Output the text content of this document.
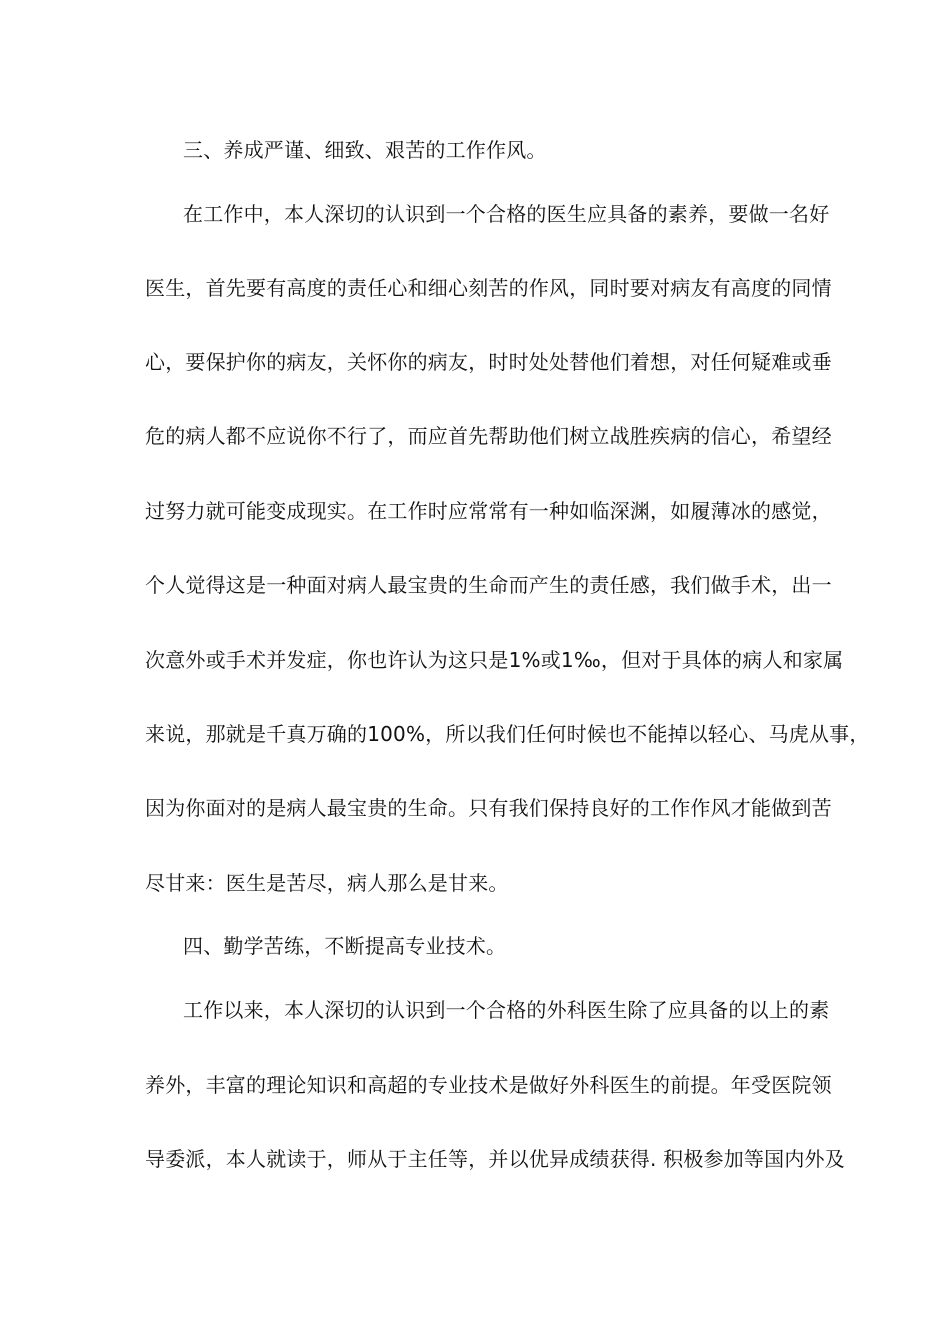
三、养成严谨、细致、艰苦的工作作风。
在工作中，本人深切的认识到一个合格的医生应具备的素养，要做一名好
医生，首先要有高度的责任心和细心刻苦的作风，同时要对病友有高度的同情
心，要保护你的病友，关怀你的病友，时时处处替他们着想，对任何疑难或垂
危的病人都不应说你不行了，而应首先帮助他们树立战胜疾病的信心，希望经
过努力就可能变成现实。在工作时应常常有一种如临深渊，如履薄冰的感觉，
个人觉得这是一种面对病人最宝贵的生命而产生的责任感，我们做手术，出一
次意外或手术并发症，你也许认为这只是1%或1‰，但对于具体的病人和家属
来说，那就是千真万确的100%，所以我们任何时候也不能掉以轻心、马虎从事，
因为你面对的是病人最宝贵的生命。只有我们保持良好的工作作风才能做到苦
尽甘来：医生是苦尽，病人那么是甘来。
四、勤学苦练，不断提高专业技术。
工作以来，本人深切的认识到一个合格的外科医生除了应具备的以上的素
养外，丰富的理论知识和高超的专业技术是做好外科医生的前提。年受医院领
导委派，本人就读于，师从于主任等，并以优异成绩获得. 积极参加等国内外及
